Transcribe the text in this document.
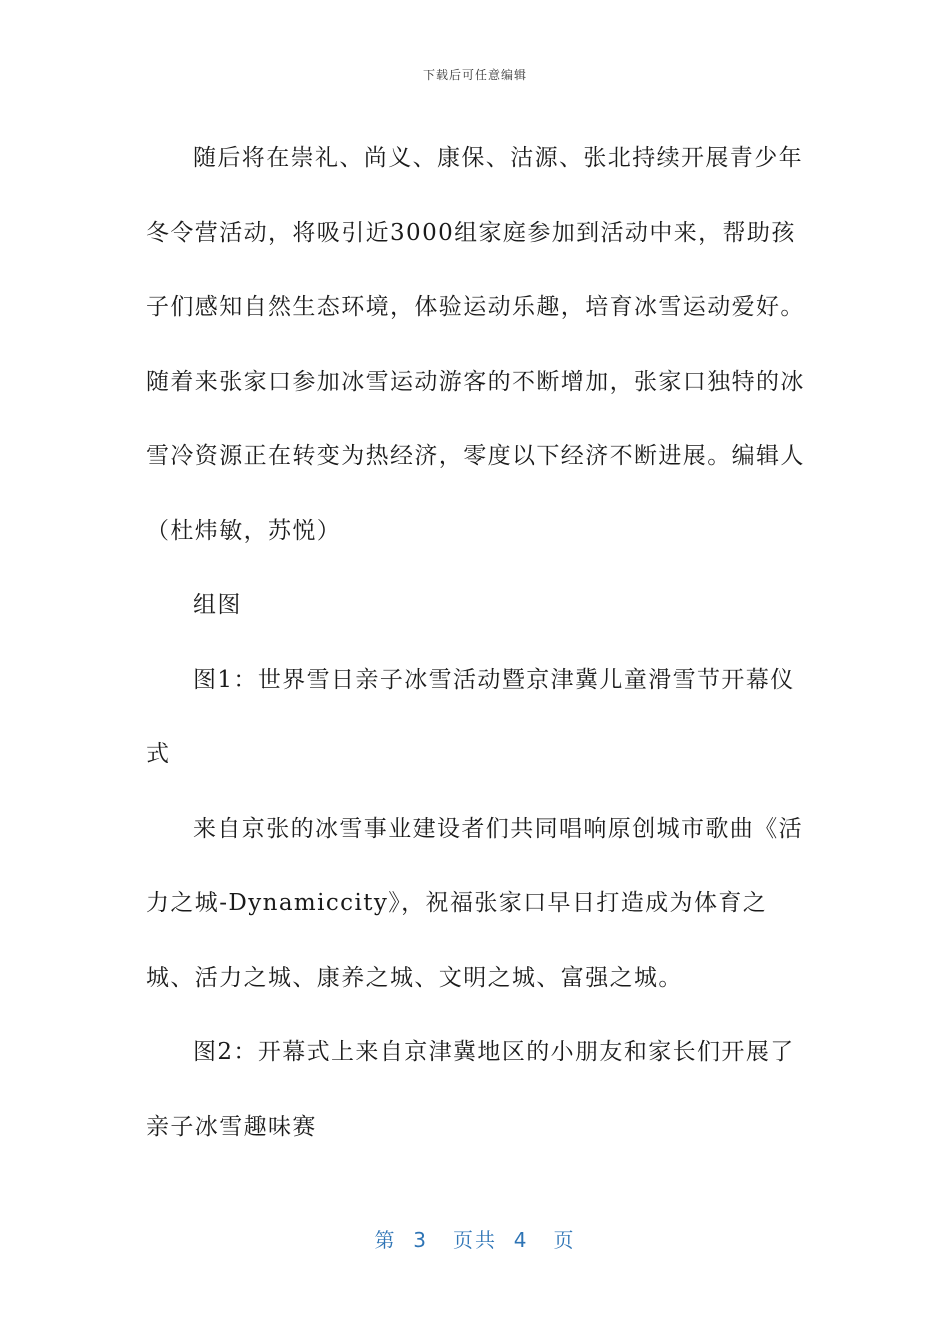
下载后可任意编辑

随后将在崇礼、尚义、康保、沽源、张北持续开展青少年冬令营活动，将吸引近3000组家庭参加到活动中来，帮助孩子们感知自然生态环境，体验运动乐趣，培育冰雪运动爱好。随着来张家口参加冰雪运动游客的不断增加，张家口独特的冰雪冷资源正在转变为热经济，零度以下经济不断进展。编辑人

（杜炜敏，苏悦）

组图

图1：世界雪日亲子冰雪活动暨京津冀儿童滑雪节开幕仪式

来自京张的冰雪事业建设者们共同唱响原创城市歌曲《活力之城-Dynamiccity》，祝福张家口早日打造成为体育之城、活力之城、康养之城、文明之城、富强之城。

图2：开幕式上来自京津冀地区的小朋友和家长们开展了亲子冰雪趣味赛

第  3   页共  4   页
